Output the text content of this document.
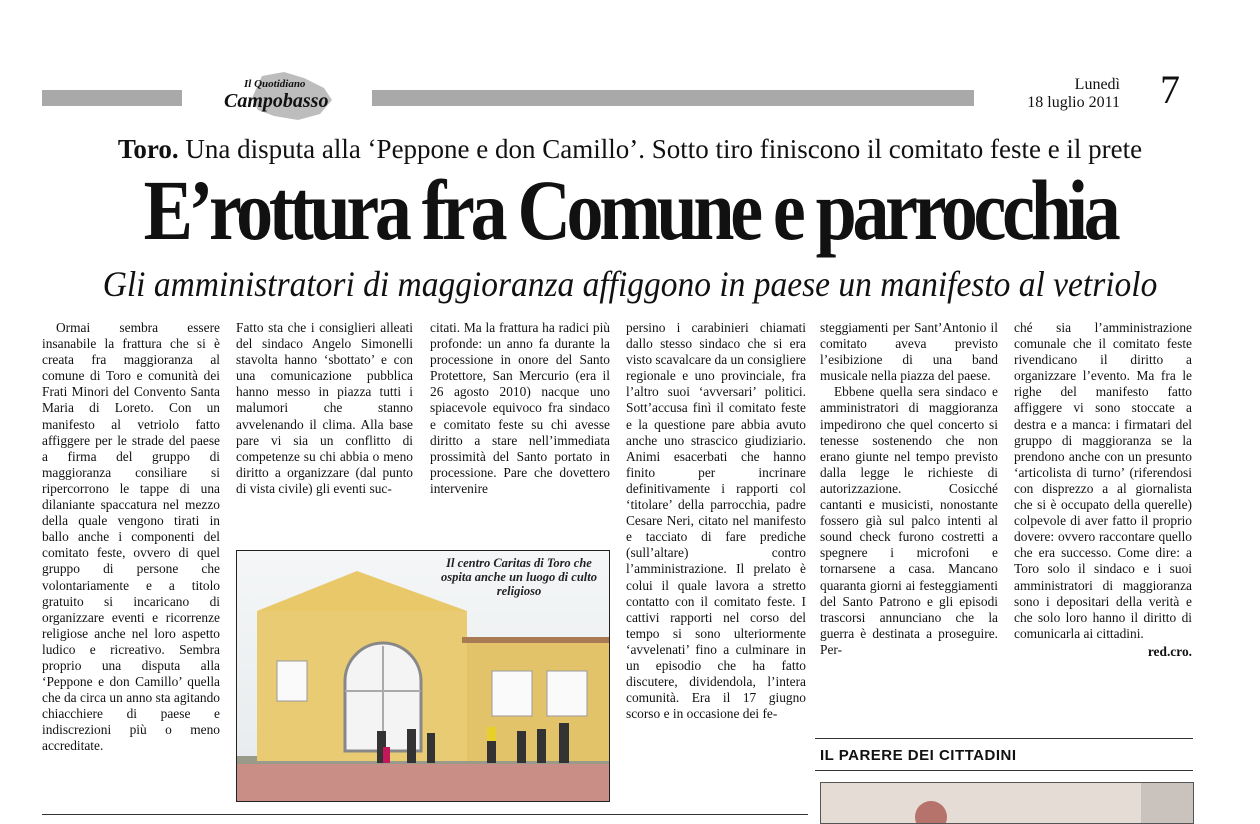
Il Quotidiano
Campobasso
Lunedì
18 luglio 2011 7
Toro. Una disputa alla ‘Peppone e don Camillo’. Sotto tiro finiscono il comitato feste e il prete
E’rottura fra Comune e parrocchia
Gli amministratori di maggioranza affiggono in paese un manifesto al vetriolo

Ormai sembra essere insanabile la frattura che si è creata fra maggioranza al comune di Toro e comunità dei Frati Minori del Convento Santa Maria di Loreto. Con un manifesto al vetriolo fatto affiggere per le strade del paese a firma del gruppo di maggioranza consiliare si ripercorrono le tappe di una dilaniante spaccatura nel mezzo della quale vengono tirati in ballo anche i componenti del comitato feste, ovvero di quel gruppo di persone che volontariamente e a titolo gratuito si incaricano di organizzare eventi e ricorrenze religiose anche nel loro aspetto ludico e ricreativo. Sembra proprio una disputa alla ‘Peppone e don Camillo’ quella che da circa un anno sta agitando chiacchiere di paese e indiscrezioni più o meno accreditate.

Fatto sta che i consiglieri alleati del sindaco Angelo Simonelli stavolta hanno ‘sbottato’ e con una comunicazione pubblica hanno messo in piazza tutti i malumori che stanno avvelenando il clima. Alla base pare vi sia un conflitto di competenze su chi abbia o meno diritto a organizzare (dal punto di vista civile) gli eventi suc-

citati. Ma la frattura ha radici più profonde: un anno fa durante la processione in onore del Santo Protettore, San Mercurio (era il 26 agosto 2010) nacque uno spiacevole equivoco fra sindaco e comitato feste su chi avesse diritto a stare nell’immediata prossimità del Santo portato in processione. Pare che dovettero intervenire

persino i carabinieri chiamati dallo stesso sindaco che si era visto scavalcare da un consigliere regionale e uno provinciale, fra l’altro suoi ‘avversari’ politici. Sott’accusa finì il comitato feste e la questione pare abbia avuto anche uno strascico giudiziario. Animi esacerbati che hanno finito per incrinare definitivamente i rapporti col ‘titolare’ della parrocchia, padre Cesare Neri, citato nel manifesto e tacciato di fare prediche (sull’altare) contro l’amministrazione. Il prelato è colui il quale lavora a stretto contatto con il comitato feste. I cattivi rapporti nel corso del tempo si sono ulteriormente ‘avvelenati’ fino a culminare in un episodio che ha fatto discutere, dividendola, l’intera comunità. Era il 17 giugno scorso e in occasione dei fe-

steggiamenti per Sant’Antonio il comitato aveva previsto l’esibizione di una band musicale nella piazza del paese.

Ebbene quella sera sindaco e amministratori di maggioranza impedirono che quel concerto si tenesse sostenendo che non erano giunte nel tempo previsto dalla legge le richieste di autorizzazione. Cosicché cantanti e musicisti, nonostante fossero già sul palco intenti al sound check furono costretti a spegnere i microfoni e tornarsene a casa. Mancano quaranta giorni ai festeggiamenti del Santo Patrono e gli episodi trascorsi annunciano che la guerra è destinata a proseguire. Per-

ché sia l’amministrazione comunale che il comitato feste rivendicano il diritto a organizzare l’evento. Ma fra le righe del manifesto fatto affiggere vi sono stoccate a destra e a manca: i firmatari del gruppo di maggioranza se la prendono anche con un presunto ‘articolista di turno’ (riferendosi con disprezzo a al giornalista che si è occupato della querelle) colpevole di aver fatto il proprio dovere: ovvero raccontare quello che era successo. Come dire: a Toro solo il sindaco e i suoi amministratori di maggioranza sono i depositari della verità e che solo loro hanno il diritto di comunicarla ai cittadini.

red.cro.
Il centro Caritas di Toro che ospita anche un luogo di culto religioso
IL PARERE DEI CITTADINI
